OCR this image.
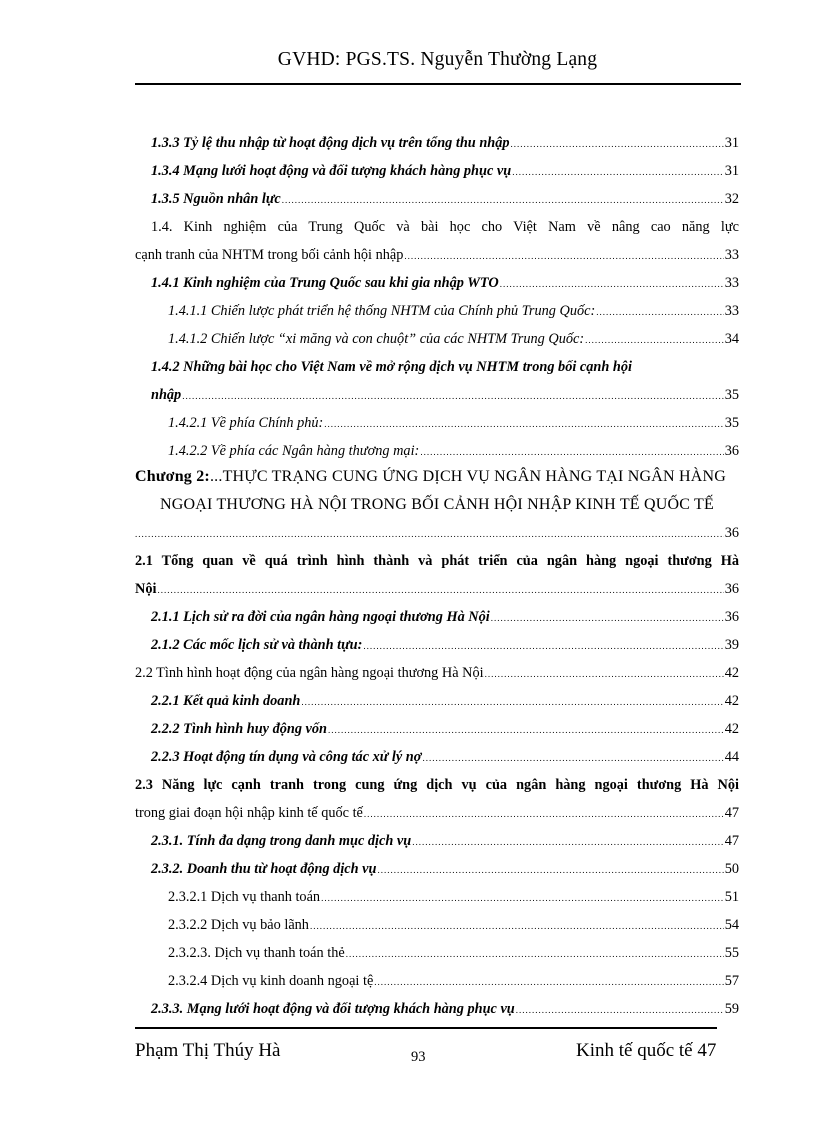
GVHD: PGS.TS. Nguyễn Thường Lạng
1.3.3 Tỷ lệ thu nhập từ hoạt động dịch vụ trên tổng thu nhập .....	31
1.3.4 Mạng lưới hoạt động và đối tượng khách hàng phục vụ .....	31
1.3.5 Nguồn nhân lực .....	32
1.4. Kinh nghiệm của Trung Quốc và bài học cho Việt Nam về nâng cao năng lực
cạnh tranh của NHTM trong bối cảnh hội nhập .....	33
1.4.1 Kinh nghiệm của Trung Quốc sau khi gia nhập WTO .....	33
1.4.1.1 Chiến lược phát triển hệ thống NHTM của Chính phủ Trung Quốc: .....	33
1.4.1.2 Chiến lược “xi măng và con chuột” của các NHTM Trung Quốc: .....	34
1.4.2 Những bài học cho Việt Nam về mở rộng dịch vụ NHTM trong bối cạnh hội
nhập .....	35
1.4.2.1 Về phía Chính phủ: .....	35
1.4.2.2 Về phía các Ngân hàng thương mại: .....	36
Chương 2:...THỰC TRẠNG CUNG ỨNG DỊCH VỤ NGÂN HÀNG TẠI NGÂN HÀNG
NGOẠI THƯƠNG HÀ NỘI TRONG BỐI CẢNH HỘI NHẬP KINH TẾ QUỐC TẾ
.....
36
2.1 Tổng quan về quá trình hình thành và phát triển của ngân hàng ngoại thương Hà
Nội .....	36
2.1.1 Lịch sử ra đời của ngân hàng ngoại thương Hà Nội .....	36
2.1.2 Các mốc lịch sử và thành tựu: .....	39
2.2 Tình hình hoạt động của ngân hàng ngoại thương Hà Nội .....	42
2.2.1 Kết quả kinh doanh .....	42
2.2.2 Tình hình huy động vốn .....	42
2.2.3 Hoạt động tín dụng và công tác xử lý nợ .....	44
2.3 Năng lực cạnh tranh trong cung ứng dịch vụ của ngân hàng ngoại thương Hà Nội
trong giai đoạn hội nhập kinh tế quốc tế .....	47
2.3.1. Tính đa dạng trong danh mục dịch vụ .....	47
2.3.2. Doanh thu từ hoạt động dịch vụ .....	50
2.3.2.1 Dịch vụ thanh toán .....	51
2.3.2.2 Dịch vụ bảo lãnh .....	54
2.3.2.3. Dịch vụ thanh toán thẻ .....	55
2.3.2.4 Dịch vụ kinh doanh ngoại tệ .....	57
2.3.3. Mạng lưới hoạt động và đối tượng khách hàng phục vụ .....	59
Phạm Thị Thúy Hà	93	Kinh tế quốc tế 47
